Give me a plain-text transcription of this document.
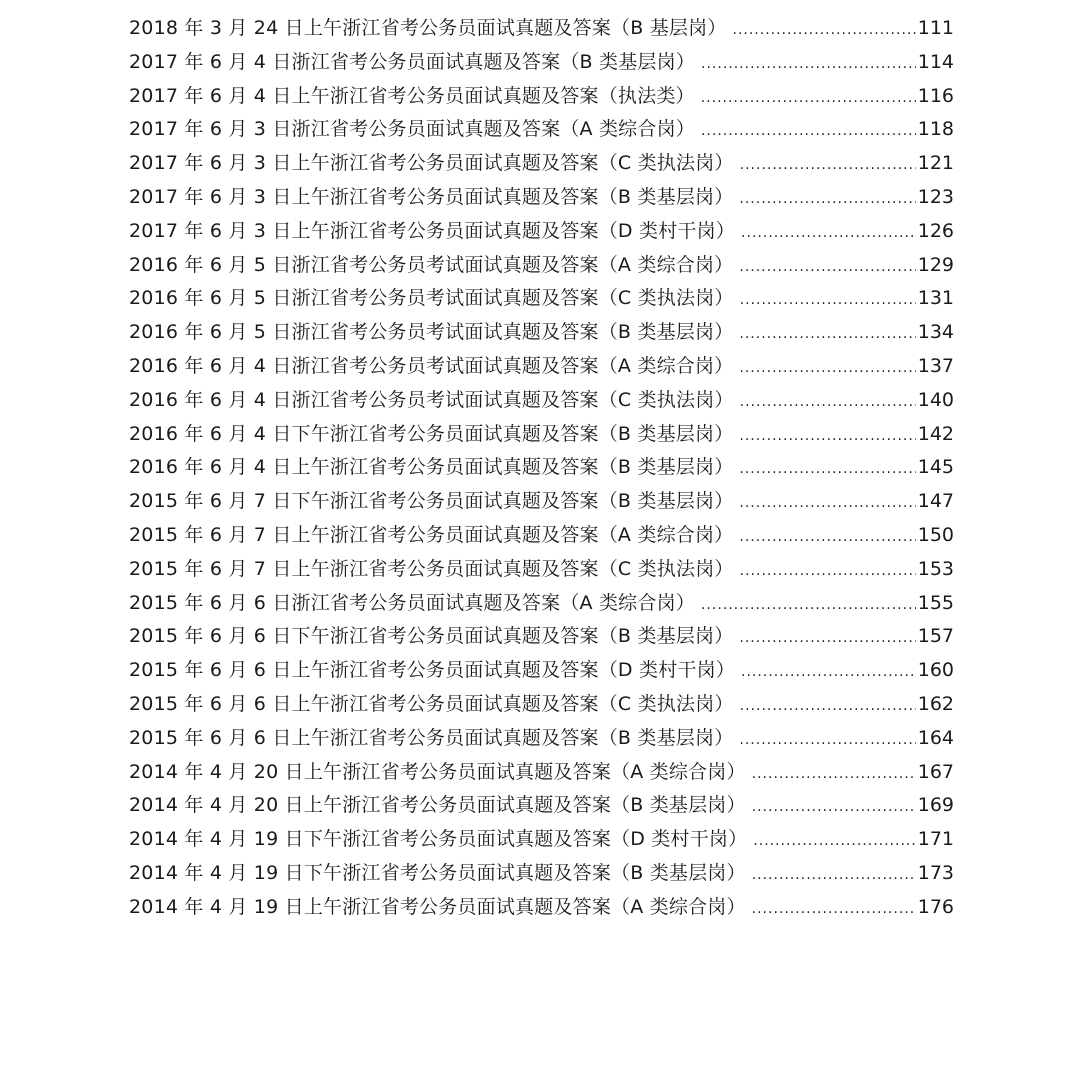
2018 年 3 月 24 日上午浙江省考公务员面试真题及答案（B 基层岗） .....	111
2017 年 6 月 4 日浙江省考公务员面试真题及答案（B 类基层岗） .....	114
2017 年 6 月 4 日上午浙江省考公务员面试真题及答案（执法类） .....	116
2017 年 6 月 3 日浙江省考公务员面试真题及答案（A 类综合岗） .....	118
2017 年 6 月 3 日上午浙江省考公务员面试真题及答案（C 类执法岗） .....	121
2017 年 6 月 3 日上午浙江省考公务员面试真题及答案（B 类基层岗） .....	123
2017 年 6 月 3 日上午浙江省考公务员面试真题及答案（D 类村干岗） .....	126
2016 年 6 月 5 日浙江省考公务员考试面试真题及答案（A 类综合岗） .....	129
2016 年 6 月 5 日浙江省考公务员考试面试真题及答案（C 类执法岗） .....	131
2016 年 6 月 5 日浙江省考公务员考试面试真题及答案（B 类基层岗） .....	134
2016 年 6 月 4 日浙江省考公务员考试面试真题及答案（A 类综合岗） .....	137
2016 年 6 月 4 日浙江省考公务员考试面试真题及答案（C 类执法岗） .....	140
2016 年 6 月 4 日下午浙江省考公务员面试真题及答案（B 类基层岗） .....	142
2016 年 6 月 4 日上午浙江省考公务员面试真题及答案（B 类基层岗） .....	145
2015 年 6 月 7 日下午浙江省考公务员面试真题及答案（B 类基层岗） .....	147
2015 年 6 月 7 日上午浙江省考公务员面试真题及答案（A 类综合岗） .....	150
2015 年 6 月 7 日上午浙江省考公务员面试真题及答案（C 类执法岗） .....	153
2015 年 6 月 6 日浙江省考公务员面试真题及答案（A 类综合岗） .....	155
2015 年 6 月 6 日下午浙江省考公务员面试真题及答案（B 类基层岗） .....	157
2015 年 6 月 6 日上午浙江省考公务员面试真题及答案（D 类村干岗） .....	160
2015 年 6 月 6 日上午浙江省考公务员面试真题及答案（C 类执法岗） .....	162
2015 年 6 月 6 日上午浙江省考公务员面试真题及答案（B 类基层岗） .....	164
2014 年 4 月 20 日上午浙江省考公务员面试真题及答案（A 类综合岗） .....	167
2014 年 4 月 20 日上午浙江省考公务员面试真题及答案（B 类基层岗） .....	169
2014 年 4 月 19 日下午浙江省考公务员面试真题及答案（D 类村干岗） .....	171
2014 年 4 月 19 日下午浙江省考公务员面试真题及答案（B 类基层岗） .....	173
2014 年 4 月 19 日上午浙江省考公务员面试真题及答案（A 类综合岗） .....	176
